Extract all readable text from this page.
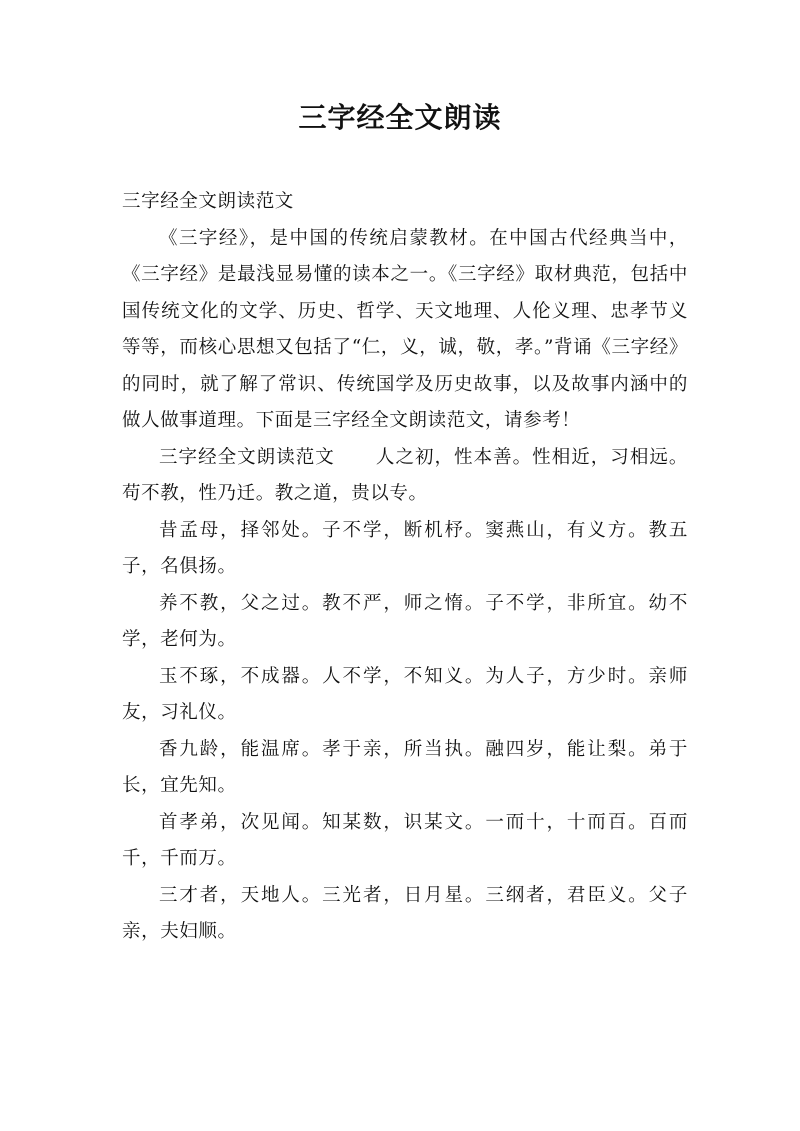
三字经全文朗读

三字经全文朗读范文

《三字经》，是中国的传统启蒙教材。在中国古代经典当中，《三字经》是最浅显易懂的读本之一。《三字经》取材典范，包括中国传统文化的文学、历史、哲学、天文地理、人伦义理、忠孝节义等等，而核心思想又包括了“仁，义，诚，敬，孝。”背诵《三字经》的同时，就了解了常识、传统国学及历史故事，以及故事内涵中的做人做事道理。下面是三字经全文朗读范文，请参考！

三字经全文朗读范文 人之初，性本善。性相近，习相远。苟不教，性乃迁。教之道，贵以专。

昔孟母，择邻处。子不学，断机杼。窦燕山，有义方。教五子，名俱扬。

养不教，父之过。教不严，师之惰。子不学，非所宜。幼不学，老何为。

玉不琢，不成器。人不学，不知义。为人子，方少时。亲师友，习礼仪。

香九龄，能温席。孝于亲，所当执。融四岁，能让梨。弟于长，宜先知。

首孝弟，次见闻。知某数，识某文。一而十，十而百。百而千，千而万。

三才者，天地人。三光者，日月星。三纲者，君臣义。父子亲，夫妇顺。
